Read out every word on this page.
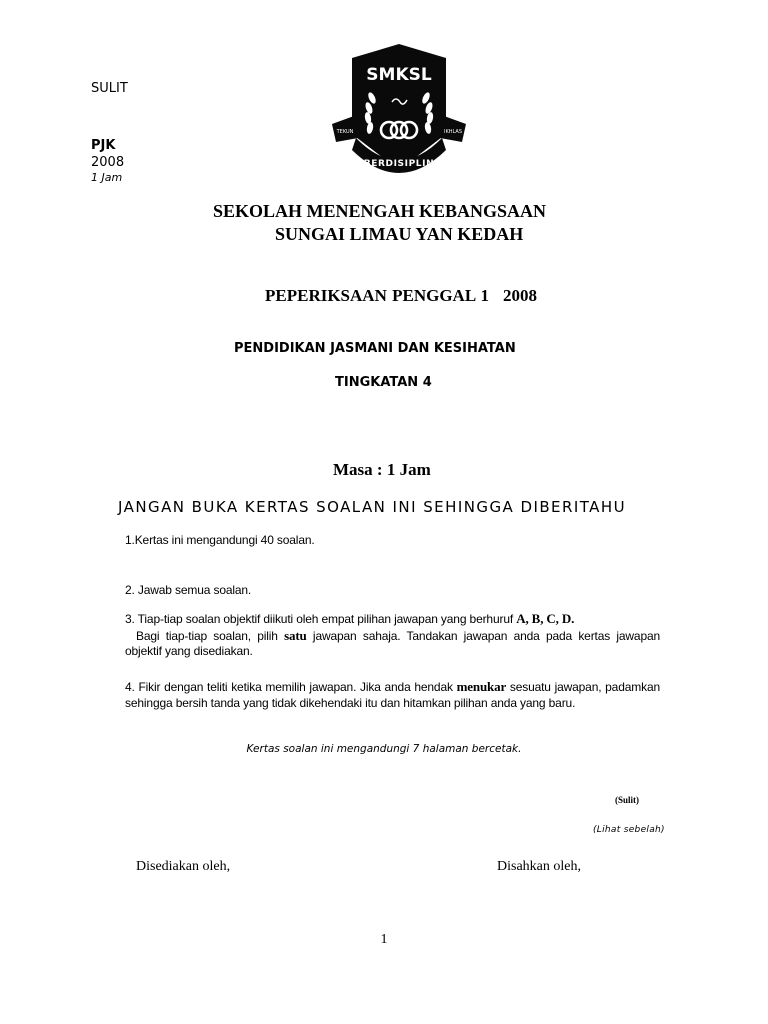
SULIT
PJK
2008
1 Jam
SMKSL
TEKUN	IKHLAS
BERDISIPLIN
SEKOLAH MENENGAH KEBANGSAAN
SUNGAI LIMAU YAN KEDAH
PEPERIKSAAN PENGGAL 1 2008
PENDIDIKAN JASMANI DAN KESIHATAN
TINGKATAN 4
Masa : 1 Jam
JANGAN BUKA KERTAS SOALAN INI SEHINGGA DIBERITAHU
1.Kertas ini mengandungi 40 soalan.
2. Jawab semua soalan.
3. Tiap-tiap soalan objektif diikuti oleh empat pilihan jawapan yang berhuruf A, B, C, D.
Bagi tiap-tiap soalan, pilih satu jawapan sahaja. Tandakan jawapan anda pada kertas jawapan objektif yang disediakan.
4. Fikir dengan teliti ketika memilih jawapan. Jika anda hendak menukar sesuatu jawapan, padamkan sehingga bersih tanda yang tidak dikehendaki itu dan hitamkan pilihan anda yang baru.
Kertas soalan ini mengandungi 7 halaman bercetak.
(Sulit)
(Lihat sebelah)
Disediakan oleh,	Disahkan oleh,
1
